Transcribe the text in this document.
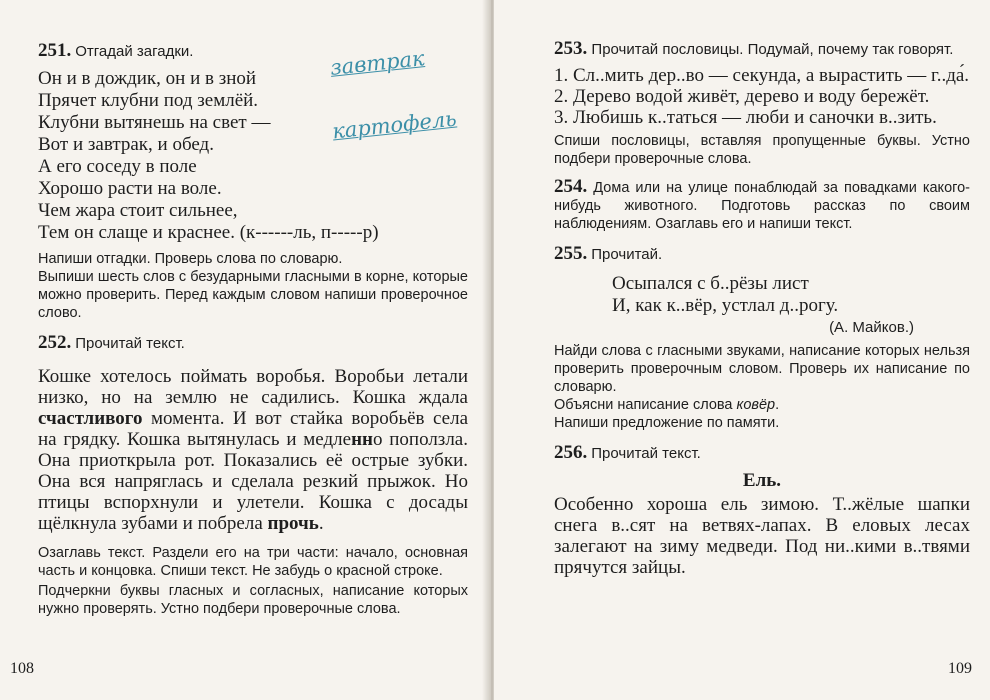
251. Отгадай загадки.
Он и в дождик, он и в зной
Прячет клубни под землёй.
Клубни вытянешь на свет —
Вот и завтрак, и обед.
А его соседу в поле
Хорошо расти на воле.
Чем жара стоит сильнее,
Тем он слаще и краснее. (к------ль, п-----р)
завтрак
картофель
Напиши отгадки. Проверь слова по словарю.
Выпиши шесть слов с безударными гласными в корне, которые можно проверить. Перед каждым словом напиши проверочное слово.
252. Прочитай текст.
Кошке хотелось поймать воробья. Воробьи летали низко, но на землю не садились. Кошка ждала счастливого момента. И вот стайка воробьёв села на грядку. Кошка вытянулась и медленно поползла. Она приоткрыла рот. Показались её острые зубки. Она вся напряглась и сделала резкий прыжок. Но птицы вспорхнули и улетели. Кошка с досады щёлкнула зубами и побрела прочь.
Озаглавь текст. Раздели его на три части: начало, основная часть и концовка. Спиши текст. Не забудь о красной строке.
Подчеркни буквы гласных и согласных, написание которых нужно проверять. Устно подбери проверочные слова.
108
253. Прочитай пословицы. Подумай, почему так говорят.
1. Сл..мить дер..во — секунда, а вырастить — г..да́.
2. Дерево водой живёт, дерево и воду бережёт.
3. Любишь к..таться — люби и саночки в..зить.
Спиши пословицы, вставляя пропущенные буквы. Устно подбери проверочные слова.
254. Дома или на улице понаблюдай за повадками какого-нибудь животного. Подготовь рассказ по своим наблюдениям. Озаглавь его и напиши текст.
255. Прочитай.
Осыпался с б..рёзы лист
И, как к..вёр, устлал д..рогу.
(А. Майков.)
Найди слова с гласными звуками, написание которых нельзя проверить проверочным словом. Проверь их написание по словарю.
Объясни написание слова ковёр.
Напиши предложение по памяти.
256. Прочитай текст.
Ель.
Особенно хороша ель зимою. Т..жёлые шапки снега в..сят на ветвях-лапах. В еловых лесах залегают на зиму медведи. Под ни..кими в..твями прячутся зайцы.
109
